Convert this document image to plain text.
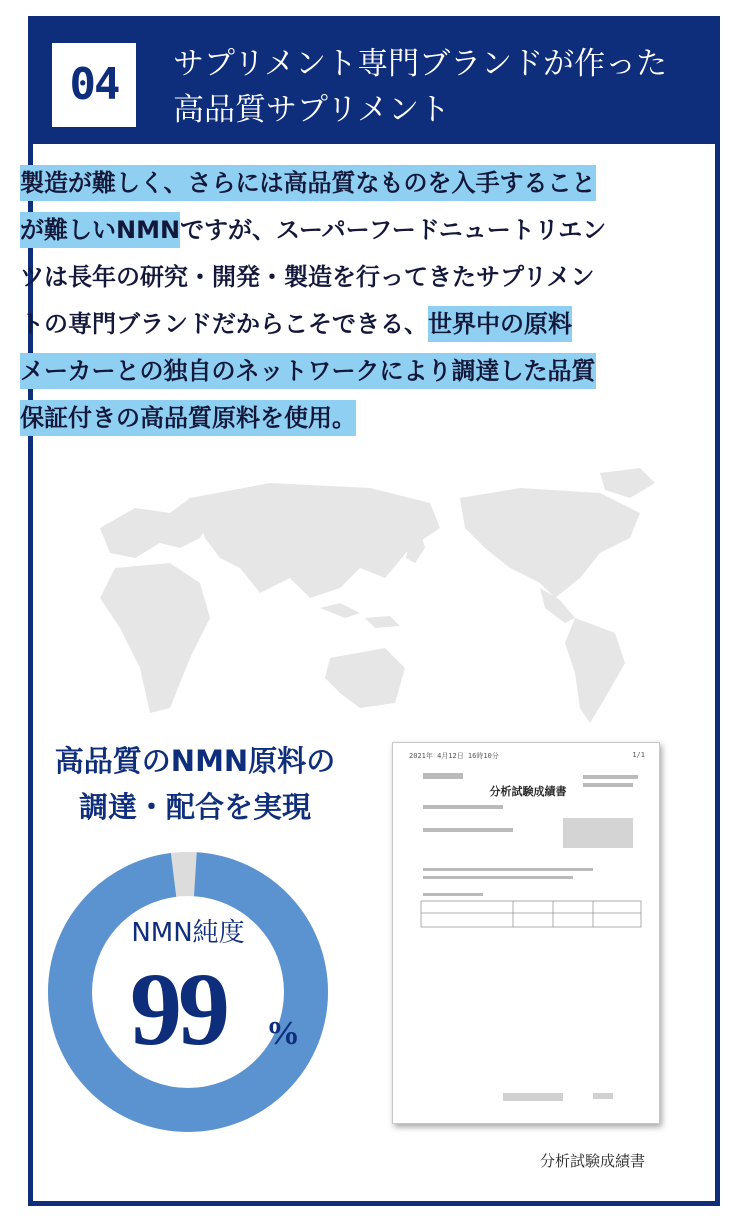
04	サプリメント専門ブランドが作った
高品質サプリメント
製造が難しく、さらには高品質なものを入手すること
が難しいNMNですが、スーパーフードニュートリエン
ツは長年の研究・開発・製造を行ってきたサプリメン
トの専門ブランドだからこそできる、世界中の原料
メーカーとの独自のネットワークにより調達した品質
保証付きの高品質原料を使用。
高品質のNMN原料の
調達・配合を実現
NMN純度
99	%
2021年 4月12日 16時10分	1/1
分析試験成績書
分析試験成績書
